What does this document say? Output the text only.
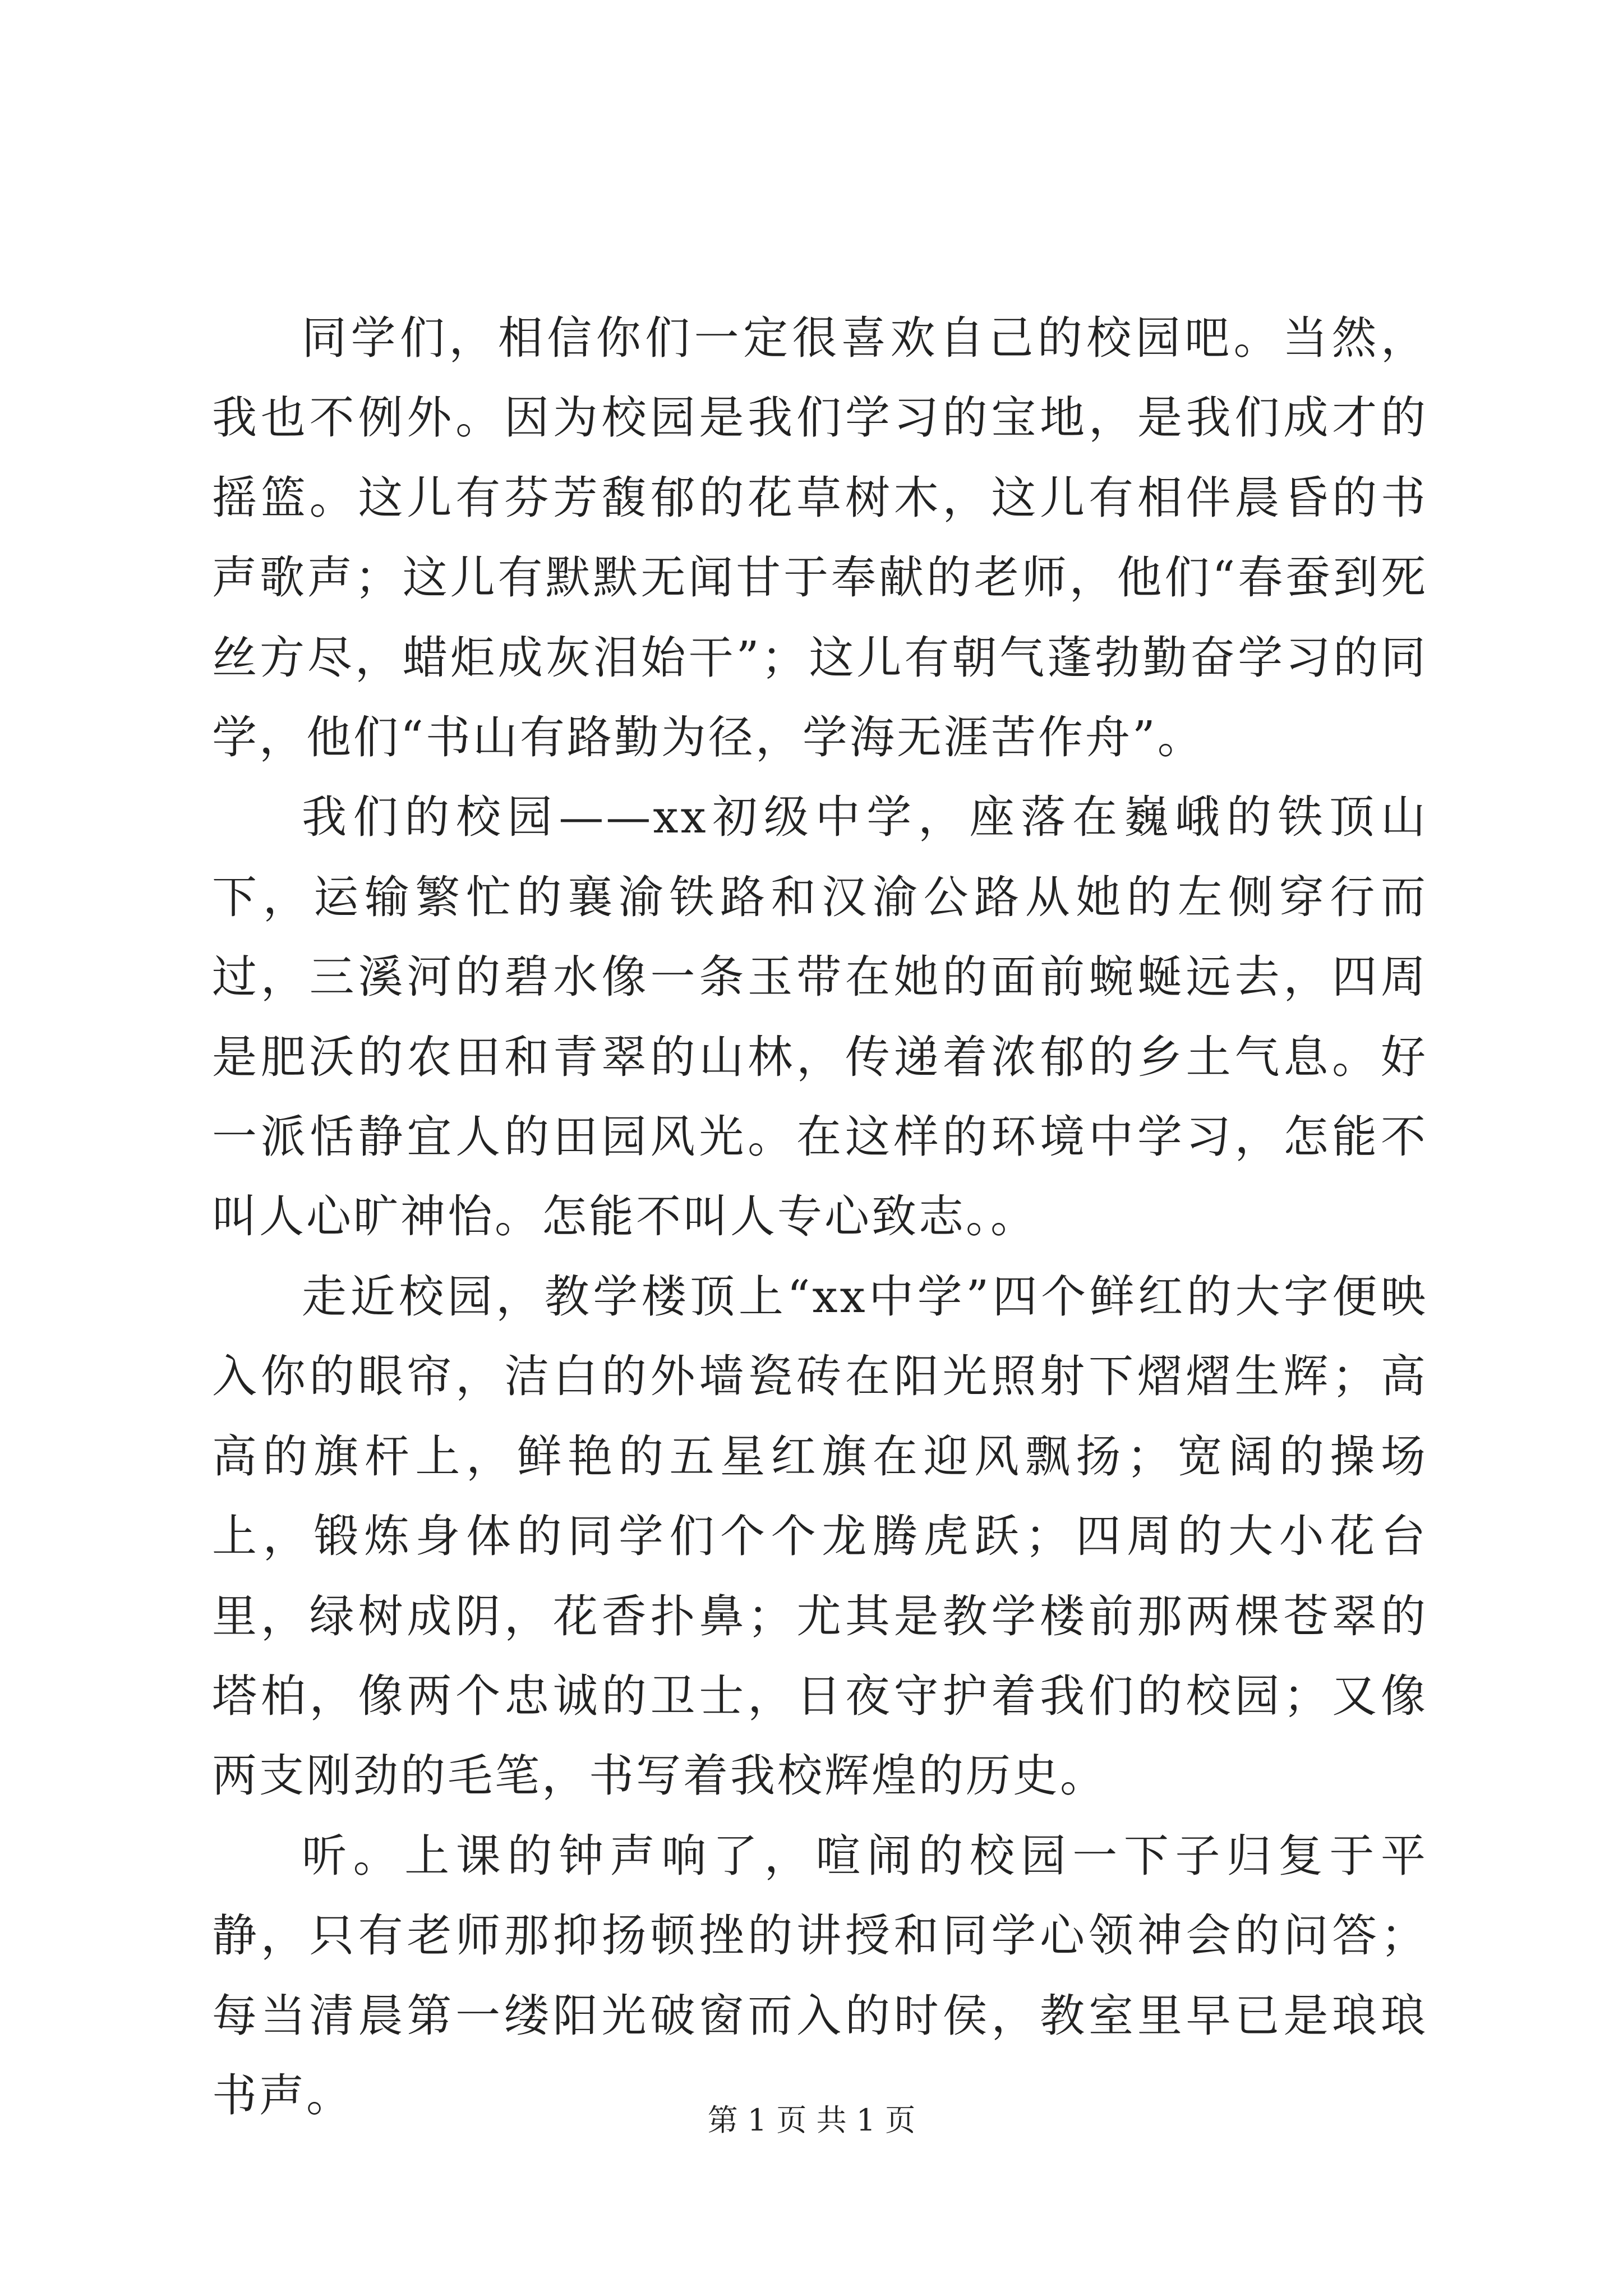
同学们，相信你们一定很喜欢自己的校园吧。当然，我也不例外。因为校园是我们学习的宝地，是我们成才的摇篮。这儿有芬芳馥郁的花草树木，这儿有相伴晨昏的书声歌声；这儿有默默无闻甘于奉献的老师，他们“春蚕到死丝方尽，蜡炬成灰泪始干”；这儿有朝气蓬勃勤奋学习的同学，他们“书山有路勤为径，学海无涯苦作舟”。

我们的校园——xx初级中学，座落在巍峨的铁顶山下，运输繁忙的襄渝铁路和汉渝公路从她的左侧穿行而过，三溪河的碧水像一条玉带在她的面前蜿蜒远去，四周是肥沃的农田和青翠的山林，传递着浓郁的乡土气息。好一派恬静宜人的田园风光。在这样的环境中学习，怎能不叫人心旷神怡。怎能不叫人专心致志。。

走近校园，教学楼顶上“xx中学”四个鲜红的大字便映入你的眼帘，洁白的外墙瓷砖在阳光照射下熠熠生辉；高高的旗杆上，鲜艳的五星红旗在迎风飘扬；宽阔的操场上，锻炼身体的同学们个个龙腾虎跃；四周的大小花台里，绿树成阴，花香扑鼻；尤其是教学楼前那两棵苍翠的塔柏，像两个忠诚的卫士，日夜守护着我们的校园；又像两支刚劲的毛笔，书写着我校辉煌的历史。

听。上课的钟声响了，喧闹的校园一下子归复于平静，只有老师那抑扬顿挫的讲授和同学心领神会的问答；每当清晨第一缕阳光破窗而入的时侯，教室里早已是琅琅书声。	第 1 页 共 1 页
